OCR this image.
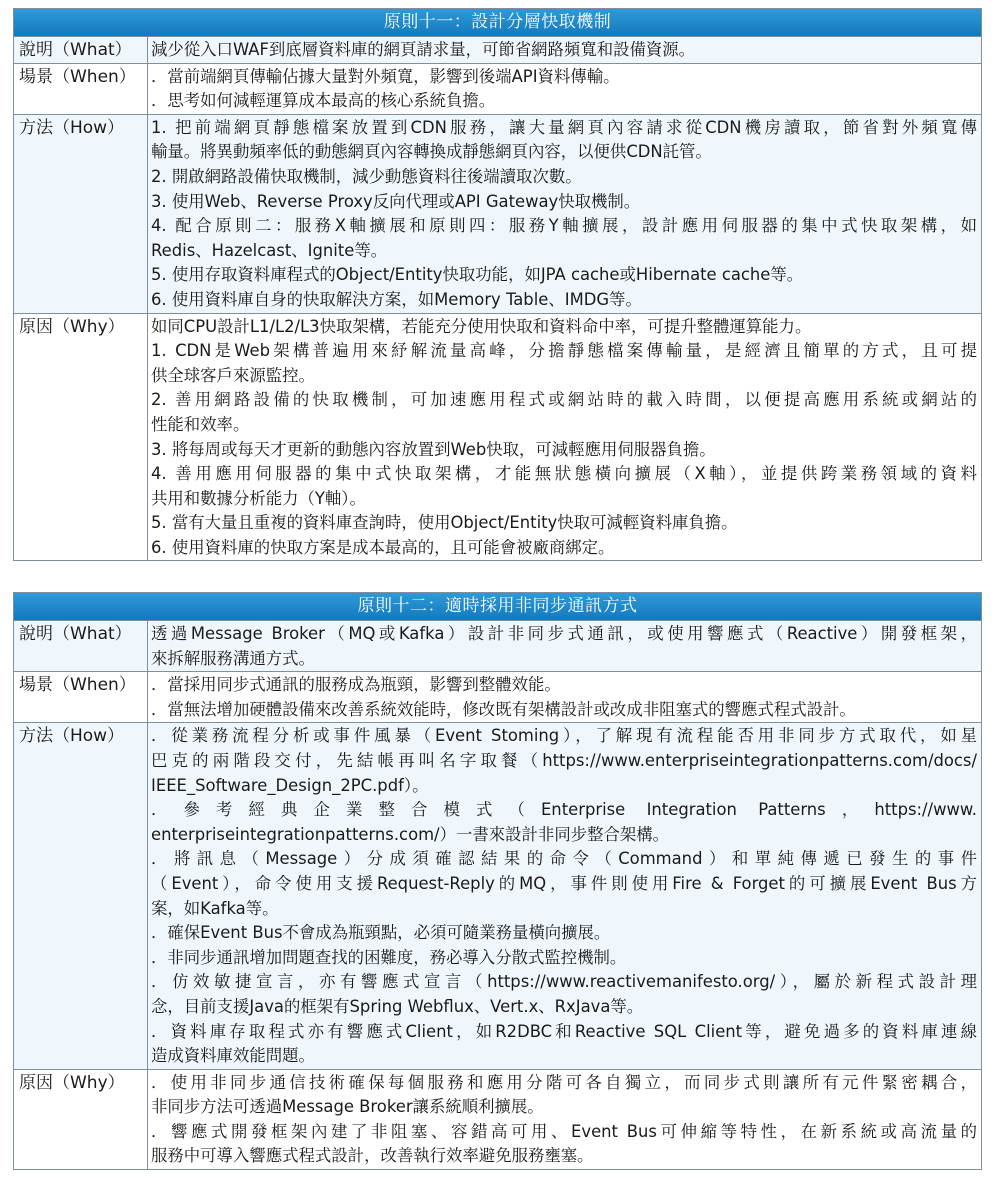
原則十一：設計分層快取機制
說明（What）	減少從入口WAF到底層資料庫的網頁請求量，可節省網路頻寬和設備資源。
場景（When） ．當前端網頁傳輸佔據大量對外頻寬，影響到後端API資料傳輸。
．思考如何減輕運算成本最高的核心系統負擔。
方法（How）	1. 把前端網頁靜態檔案放置到CDN服務，讓大量網頁內容請求從CDN機房讀取，節省對外頻寬傳
輸量。將異動頻率低的動態網頁內容轉換成靜態網頁內容，以便供CDN託管。
2. 開啟網路設備快取機制，減少動態資料往後端讀取次數。
3. 使用Web、Reverse Proxy反向代理或API Gateway快取機制。
4. 配合原則二：服務X軸擴展和原則四：服務Y軸擴展，設計應用伺服器的集中式快取架構，如
Redis、Hazelcast、Ignite等。
5. 使用存取資料庫程式的Object/Entity快取功能，如JPA cache或Hibernate cache等。
6. 使用資料庫自身的快取解決方案，如Memory Table、IMDG等。
原因（Why）	如同CPU設計L1/L2/L3快取架構，若能充分使用快取和資料命中率，可提升整體運算能力。
1. CDN是Web架構普遍用來紓解流量高峰，分擔靜態檔案傳輸量，是經濟且簡單的方式，且可提
供全球客戶來源監控。
2. 善用網路設備的快取機制，可加速應用程式或網站時的載入時間，以便提高應用系統或網站的
性能和效率。
3. 將每周或每天才更新的動態內容放置到Web快取，可減輕應用伺服器負擔。
4. 善用應用伺服器的集中式快取架構，才能無狀態橫向擴展（X軸），並提供跨業務領域的資料
共用和數據分析能力（Y軸）。
5. 當有大量且重複的資料庫查詢時，使用Object/Entity快取可減輕資料庫負擔。
6. 使用資料庫的快取方案是成本最高的，且可能會被廠商綁定。
原則十二：適時採用非同步通訊方式
說明（What）	透過Message Broker（MQ或Kafka）設計非同步式通訊，或使用響應式（Reactive）開發框架，
來拆解服務溝通方式。
場景（When） ．當採用同步式通訊的服務成為瓶頸，影響到整體效能。
．當無法增加硬體設備來改善系統效能時，修改既有架構設計或改成非阻塞式的響應式程式設計。
方法（How）	．從業務流程分析或事件風暴（Event Stoming），了解現有流程能否用非同步方式取代，如星
巴克的兩階段交付，先結帳再叫名字取餐（https://www.enterpriseintegrationpatterns.com/docs/
IEEE_Software_Design_2PC.pdf）。
．參考經典企業整合模式（Enterprise Integration Patterns，https://www.
enterpriseintegrationpatterns.com/）一書來設計非同步整合架構。
．將訊息（Message）分成須確認結果的命令（Command）和單純傳遞已發生的事件
（Event），命令使用支援Request-Reply的MQ，事件則使用Fire & Forget的可擴展Event Bus方
案，如Kafka等。
．確保Event Bus不會成為瓶頸點，必須可隨業務量橫向擴展。
．非同步通訊增加問題查找的困難度，務必導入分散式監控機制。
．仿效敏捷宣言，亦有響應式宣言（https://www.reactivemanifesto.org/），屬於新程式設計理
念，目前支援Java的框架有Spring Webflux、Vert.x、RxJava等。
．資料庫存取程式亦有響應式Client，如R2DBC和Reactive SQL Client等，避免過多的資料庫連線
造成資料庫效能問題。
原因（Why）	．使用非同步通信技術確保每個服務和應用分階可各自獨立，而同步式則讓所有元件緊密耦合，
非同步方法可透過Message Broker讓系統順利擴展。
．響應式開發框架內建了非阻塞、容錯高可用、Event Bus可伸縮等特性，在新系統或高流量的
服務中可導入響應式程式設計，改善執行效率避免服務壅塞。
